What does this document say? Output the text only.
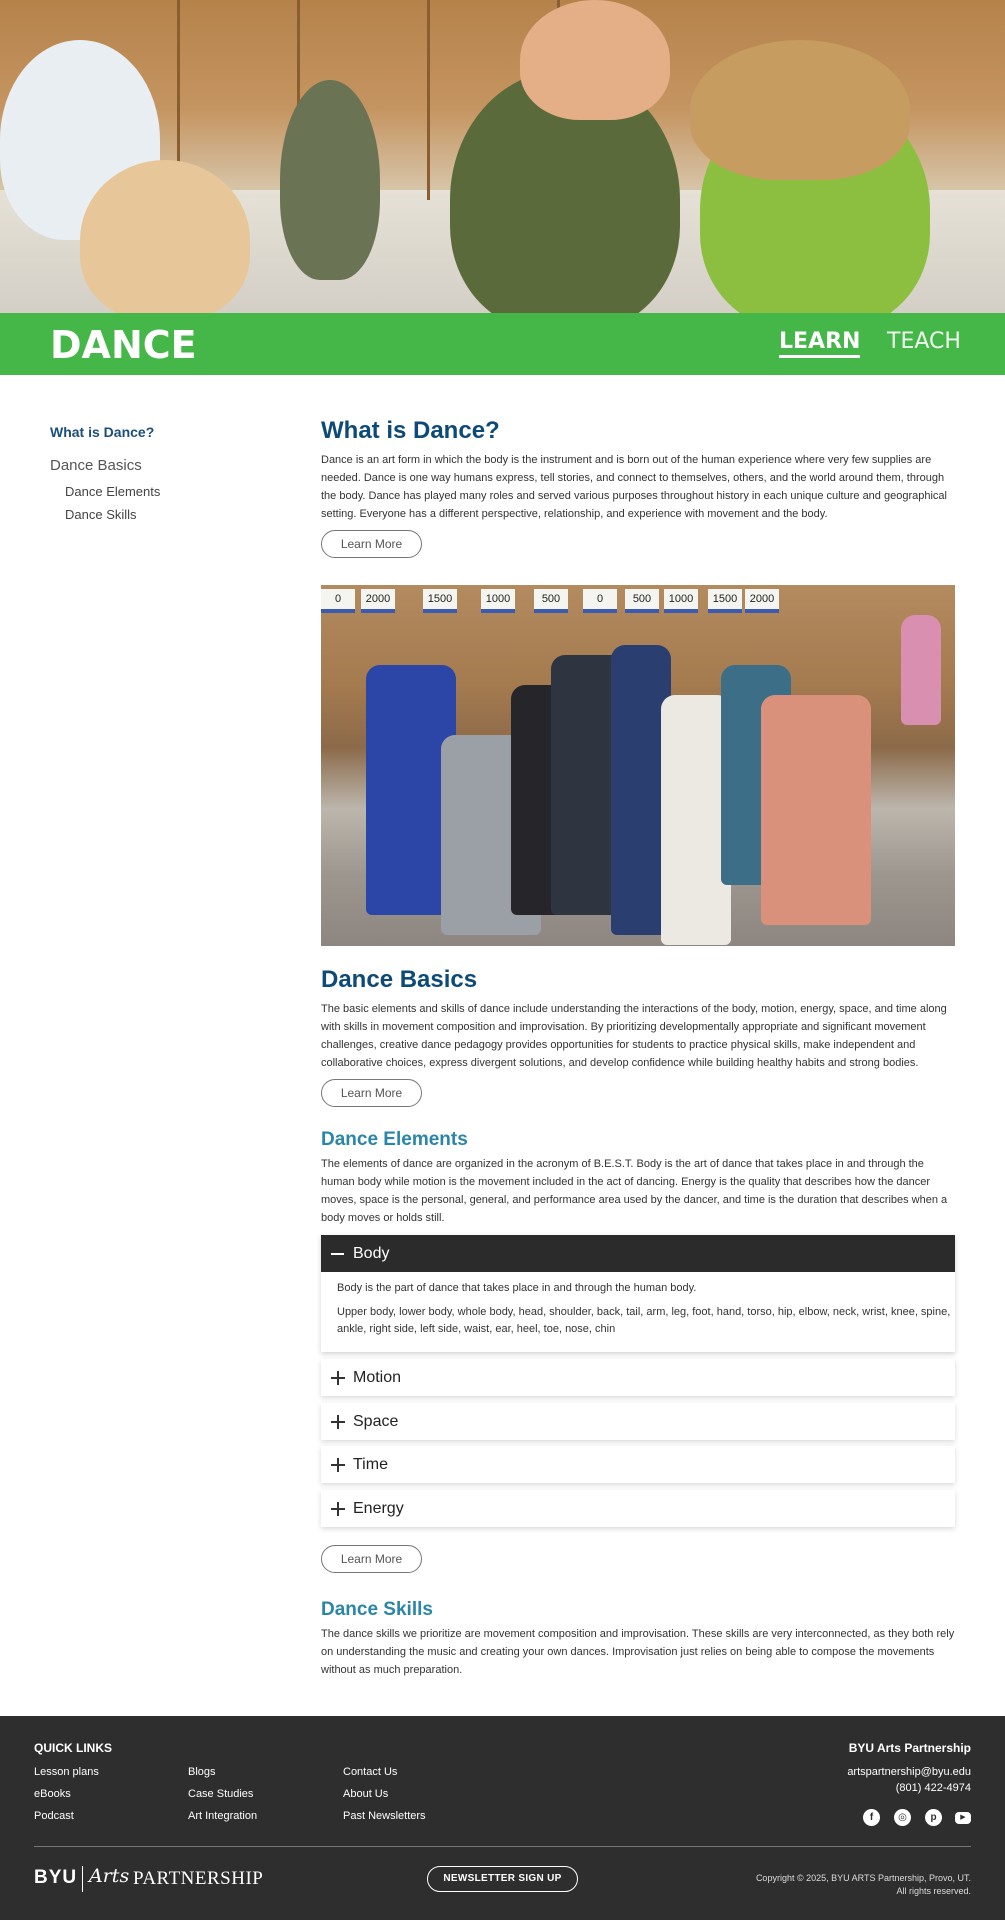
DANCE	LEARN TEACH
What is Dance?
Dance Basics
Dance Elements
Dance Skills
What is Dance?

Dance is an art form in which the body is the instrument and is born out of the human experience where very few supplies are needed. Dance is one way humans express, tell stories, and connect to themselves, others, and the world around them, through the body. Dance has played many roles and served various purposes throughout history in each unique culture and geographical setting. Everyone has a different perspective, relationship, and experience with movement and the body.

Learn More
0	2000	1500	1000	500	0	500	1000	1500	2000
Dance Basics

The basic elements and skills of dance include understanding the interactions of the body, motion, energy, space, and time along with skills in movement composition and improvisation. By prioritizing developmentally appropriate and significant movement challenges, creative dance pedagogy provides opportunities for students to practice physical skills, make independent and collaborative choices, express divergent solutions, and develop confidence while building healthy habits and strong bodies.

Learn More
Dance Elements

The elements of dance are organized in the acronym of B.E.S.T. Body is the art of dance that takes place in and through the human body while motion is the movement included in the act of dancing. Energy is the quality that describes how the dancer moves, space is the personal, general, and performance area used by the dancer, and time is the duration that describes when a body moves or holds still.

Body

Body is the part of dance that takes place in and through the human body.

Upper body, lower body, whole body, head, shoulder, back, tail, arm, leg, foot, hand, torso, hip, elbow, neck, wrist, knee, spine, ankle, right side, left side, waist, ear, heel, toe, nose, chin

Motion
Space
Time
Energy
Learn More
Dance Skills

The dance skills we prioritize are movement composition and improvisation. These skills are very interconnected, as they both rely on understanding the music and creating your own dances. Improvisation just relies on being able to compose the movements without as much preparation.

QUICK LINKS
Lesson plans
eBooks
Podcast
Blogs
Case Studies
Art Integration
Contact Us
About Us
Past Newsletters
BYU Arts Partnership
artspartnership@byu.edu
(801) 422-4974
f	◎	p	▶
BYU Arts PARTNERSHIP	NEWSLETTER SIGN UP	Copyright © 2025, BYU ARTS Partnership, Provo, UT.
All rights reserved.
